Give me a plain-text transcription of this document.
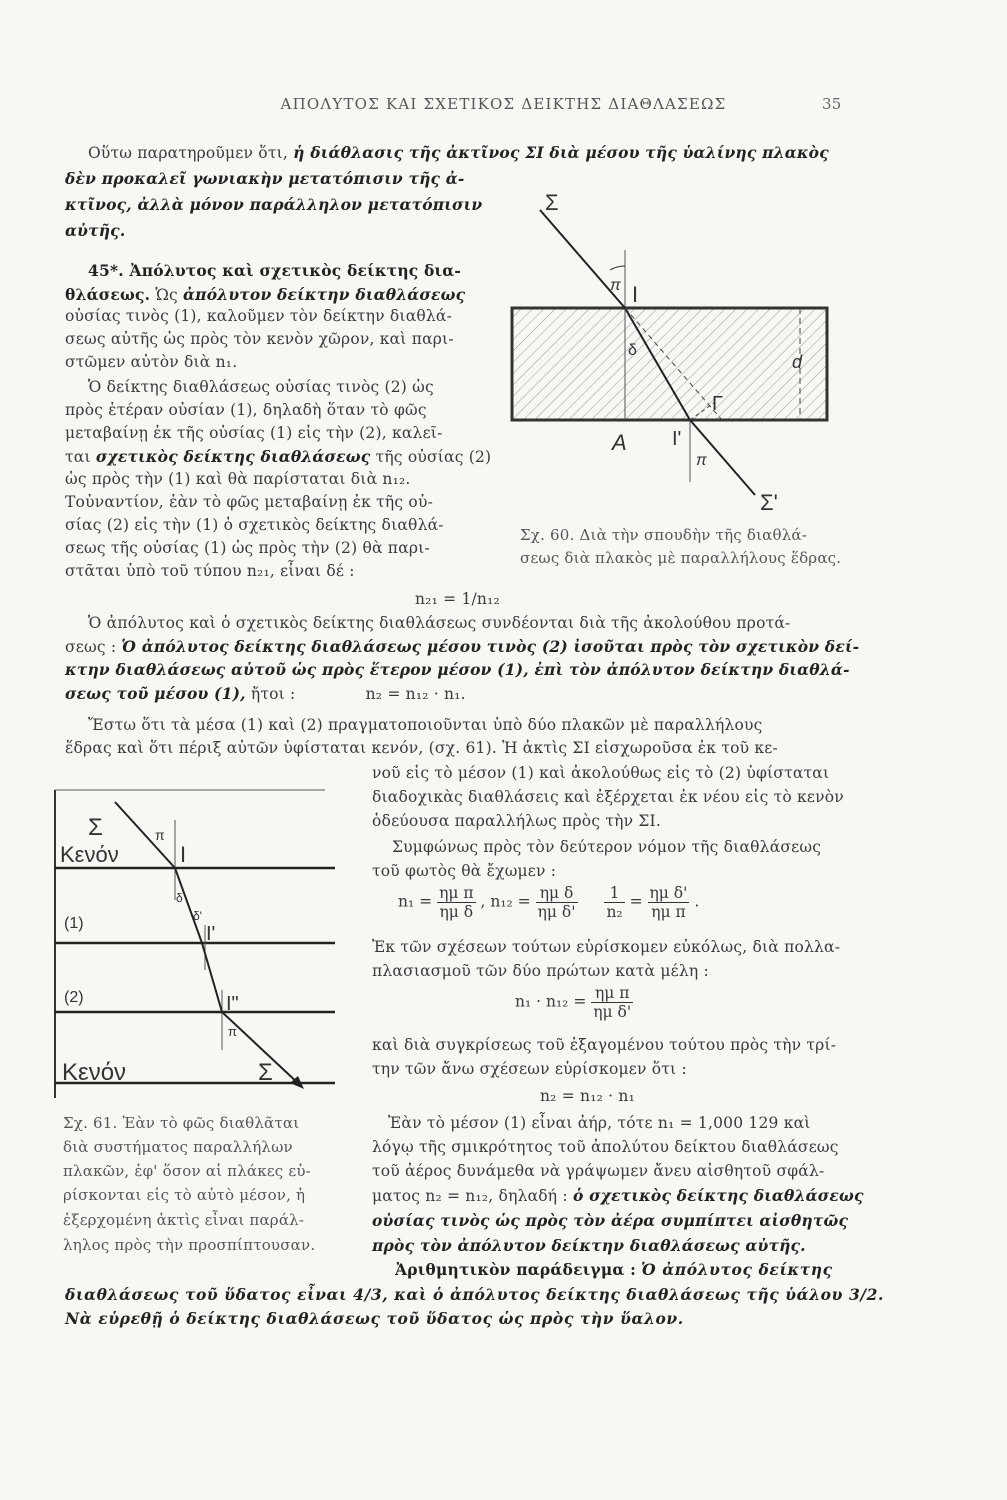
ΑΠΟΛΥΤΟΣ ΚΑΙ ΣΧΕΤΙΚΟΣ ΔΕΙΚΤΗΣ ΔΙΑΘΛΑΣΕΩΣ	35
Οὕτω παρατηροῦμεν ὅτι, ἡ διάθλασις τῆς ἀκτῖνος ΣΙ διὰ μέσου τῆς ὑαλίνης πλακὸς
δὲν προκαλεῖ γωνιακὴν μετατόπισιν τῆς ἀ-
κτῖνος, ἀλλὰ μόνον παράλληλον μετατόπισιν
αὐτῆς.
45*. Ἀπόλυτος καὶ σχετικὸς δείκτης δια-
θλάσεως. Ὡς ἀπόλυτον δείκτην διαθλάσεως
οὐσίας τινὸς (1), καλοῦμεν τὸν δείκτην διαθλά-
σεως αὐτῆς ὡς πρὸς τὸν κενὸν χῶρον, καὶ παρι-
στῶμεν αὐτὸν διὰ n₁.
Ὁ δείκτης διαθλάσεως οὐσίας τινὸς (2) ὡς
πρὸς ἑτέραν οὐσίαν (1), δηλαδὴ ὅταν τὸ φῶς
μεταβαίνῃ ἐκ τῆς οὐσίας (1) εἰς τὴν (2), καλεῖ-
ται σχετικὸς δείκτης διαθλάσεως τῆς οὐσίας (2)
ὡς πρὸς τὴν (1) καὶ θὰ παρίσταται διὰ n₁₂.
Τοὐναντίον, ἐὰν τὸ φῶς μεταβαίνῃ ἐκ τῆς οὐ-
σίας (2) εἰς τὴν (1) ὁ σχετικὸς δείκτης διαθλά-
σεως τῆς οὐσίας (1) ὡς πρὸς τὴν (2) θὰ παρι-
στᾶται ὑπὸ τοῦ τύπου n₂₁, εἶναι δέ :
Σ
π I
δ
d
Γ
Α I'
π
Σ'
Σχ. 60. Διὰ τὴν σπουδὴν τῆς διαθλά-
σεως διὰ πλακὸς μὲ παραλλήλους ἕδρας.
n₂₁ = 1/n₁₂
Ὁ ἀπόλυτος καὶ ὁ σχετικὸς δείκτης διαθλάσεως συνδέονται διὰ τῆς ἀκολούθου προτά-
σεως : Ὁ ἀπόλυτος δείκτης διαθλάσεως μέσου τινὸς (2) ἰσοῦται πρὸς τὸν σχετικὸν δεί-
κτην διαθλάσεως αὐτοῦ ὡς πρὸς ἕτερον μέσον (1), ἐπὶ τὸν ἀπόλυτον δείκτην διαθλά-
σεως τοῦ μέσου (1), ἤτοι :	n₂ = n₁₂ · n₁.
Ἔστω ὅτι τὰ μέσα (1) καὶ (2) πραγματοποιοῦνται ὑπὸ δύο πλακῶν μὲ παραλλήλους
ἕδρας καὶ ὅτι πέριξ αὐτῶν ὑφίσταται κενόν, (σχ. 61). Ἡ ἀκτὶς ΣΙ εἰσχωροῦσα ἐκ τοῦ κε-
νοῦ εἰς τὸ μέσον (1) καὶ ἀκολούθως εἰς τὸ (2) ὑφίσταται
διαδοχικὰς διαθλάσεις καὶ ἐξέρχεται ἐκ νέου εἰς τὸ κενὸν
ὁδεύουσα παραλλήλως πρὸς τὴν ΣΙ.
Συμφώνως πρὸς τὸν δεύτερον νόμον τῆς διαθλάσεως
τοῦ φωτὸς θὰ ἔχωμεν :
$n_1 = \frac{\text{ημ π}}{\text{ημ δ}}$ , $n_{12} = \frac{\text{ημ δ}}{\text{ημ δ'}}$
$\frac{1}{\text{n₂}} = \frac{\text{ημ δ'}}{\text{ημ π}}$ .
Ἐκ τῶν σχέσεων τούτων εὑρίσκομεν εὐκόλως, διὰ πολλα-
πλασιασμοῦ τῶν δύο πρώτων κατὰ μέλη :
$n_1 \cdot n_{12} = \frac{\text{ημ π}}{\text{ημ δ'}}$
καὶ διὰ συγκρίσεως τοῦ ἐξαγομένου τούτου πρὸς τὴν τρί-
την τῶν ἄνω σχέσεων εὑρίσκομεν ὅτι :
n₂ = n₁₂ · n₁
Ἐὰν τὸ μέσον (1) εἶναι ἀήρ, τότε n₁ = 1,000 129 καὶ
λόγῳ τῆς σμικρότητος τοῦ ἀπολύτου δείκτου διαθλάσεως
τοῦ ἀέρος δυνάμεθα νὰ γράψωμεν ἄνευ αἰσθητοῦ σφάλ-
ματος n₂ = n₁₂, δηλαδή : ὁ σχετικὸς δείκτης διαθλάσεως
οὐσίας τινὸς ὡς πρὸς τὸν ἀέρα συμπίπτει αἰσθητῶς
πρὸς τὸν ἀπόλυτον δείκτην διαθλάσεως αὐτῆς.
Σ	π
Κενόν	I
δ
δ'
(1)	I'
(2)	I"
π
Κενόν	Σ
Σχ. 61. Ἐὰν τὸ φῶς διαθλᾶται
διὰ συστήματος παραλλήλων
πλακῶν, ἐφ' ὅσον αἱ πλάκες εὑ-
ρίσκονται εἰς τὸ αὐτὸ μέσον, ἡ
ἐξερχομένη ἀκτὶς εἶναι παράλ-
ληλος πρὸς τὴν προσπίπτουσαν.
Ἀριθμητικὸν παράδειγμα : Ὁ ἀπόλυτος δείκτης
διαθλάσεως τοῦ ὕδατος εἶναι 4/3, καὶ ὁ ἀπόλυτος δείκτης διαθλάσεως τῆς ὑάλου 3/2.
Νὰ εὑρεθῇ ὁ δείκτης διαθλάσεως τοῦ ὕδατος ὡς πρὸς τὴν ὕαλον.
